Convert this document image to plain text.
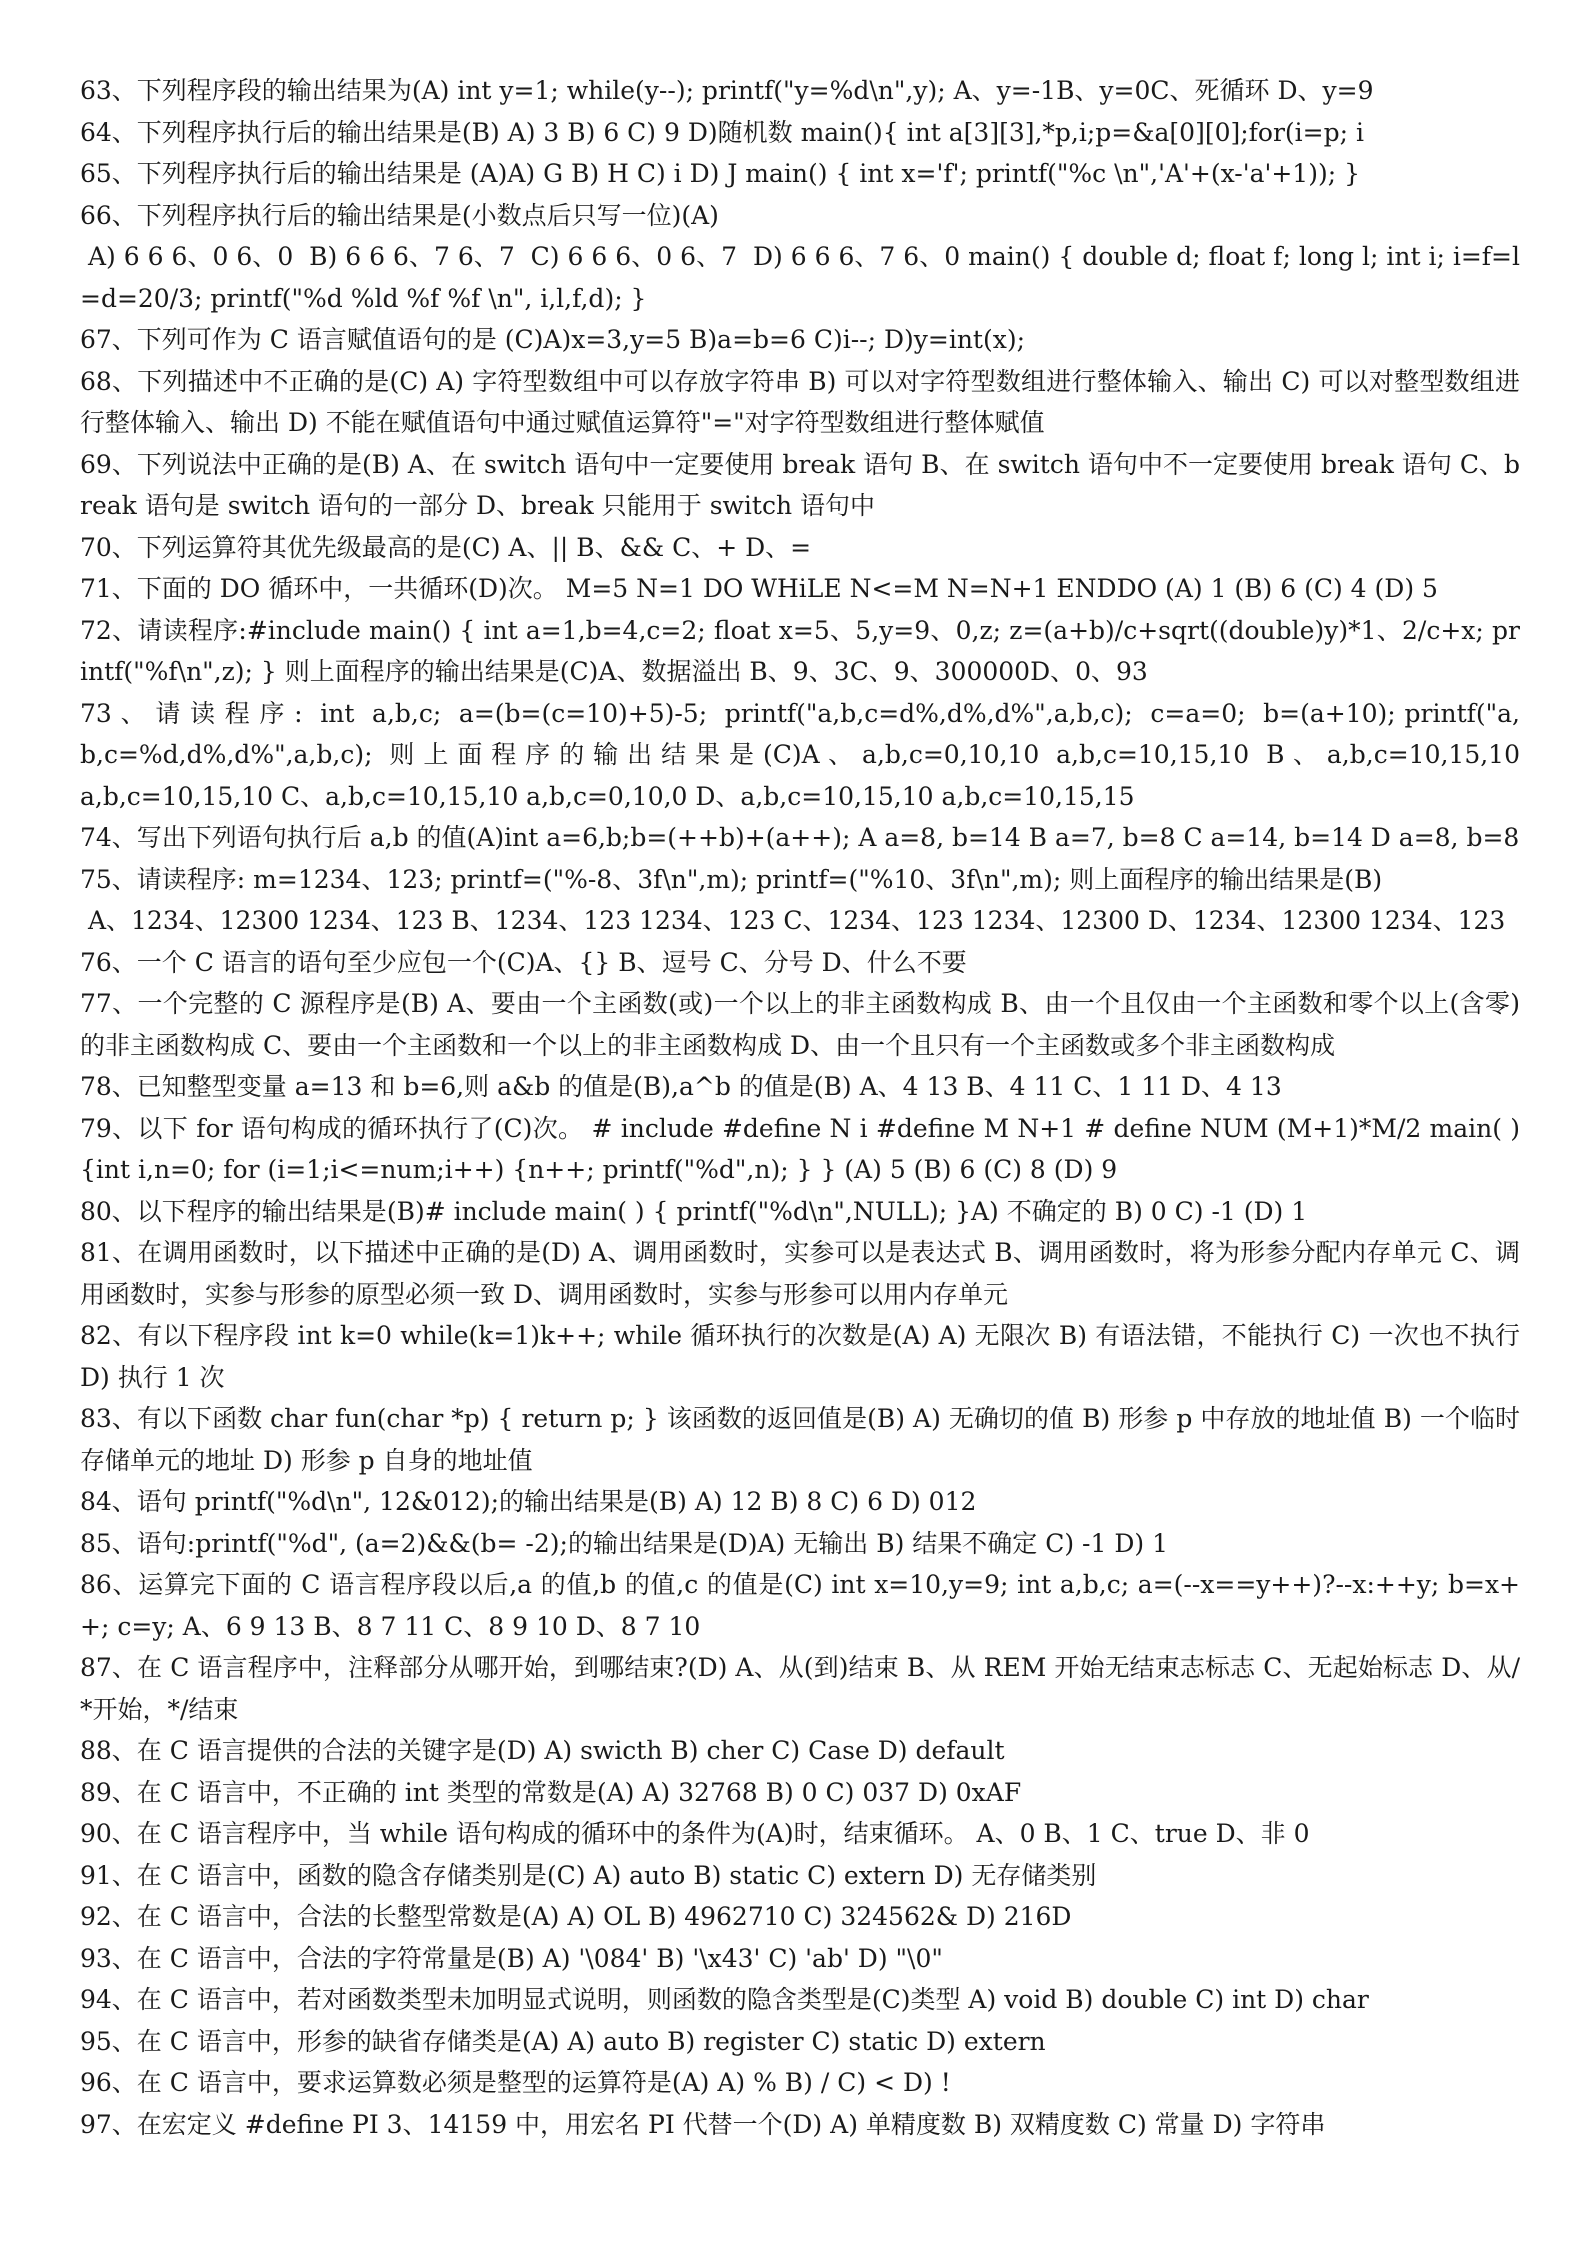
63、下列程序段的输出结果为(A) int y=1; while(y--); printf("y=%d\n",y); A、y=-1B、y=0C、死循环 D、y=9

64、下列程序执行后的输出结果是(B) A) 3 B) 6 C) 9 D)随机数 main(){ int a[3][3],*p,i;p=&a[0][0];for(i=p; i

65、下列程序执行后的输出结果是 (A)A) G B) H C) i D) J main() { int x='f'; printf("%c \n",'A'+(x-'a'+1)); }

66、下列程序执行后的输出结果是(小数点后只写一位)(A)

A) 6 6 6、0 6、0  B) 6 6 6、7 6、7  C) 6 6 6、0 6、7  D) 6 6 6、7 6、0 main() { double d; float f; long l; int i; i=f=l=d=20/3; printf("%d %ld %f %f \n", i,l,f,d); }

67、下列可作为 C 语言赋值语句的是 (C)A)x=3,y=5 B)a=b=6 C)i--; D)y=int(x);

68、下列描述中不正确的是(C) A) 字符型数组中可以存放字符串 B) 可以对字符型数组进行整体输入、输出 C) 可以对整型数组进行整体输入、输出 D) 不能在赋值语句中通过赋值运算符"="对字符型数组进行整体赋值

69、下列说法中正确的是(B) A、在 switch 语句中一定要使用 break 语句 B、在 switch 语句中不一定要使用 break 语句 C、break 语句是 switch 语句的一部分 D、break 只能用于 switch 语句中

70、下列运算符其优先级最高的是(C) A、|| B、&& C、+ D、=

71、下面的 DO 循环中，一共循环(D)次。 M=5 N=1 DO WHiLE N<=M N=N+1 ENDDO (A) 1 (B) 6 (C) 4 (D) 5

72、请读程序:#include main() { int a=1,b=4,c=2; float x=5、5,y=9、0,z; z=(a+b)/c+sqrt((double)y)*1、2/c+x; printf("%f\n",z); } 则上面程序的输出结果是(C)A、数据溢出 B、9、3C、9、300000D、0、93

73 、 请 读 程 序 :  int  a,b,c;  a=(b=(c=10)+5)-5;  printf("a,b,c=d%,d%,d%",a,b,c);  c=a=0;  b=(a+10); printf("a,b,c=%d,d%,d%",a,b,c);  则 上 面 程 序 的 输 出 结 果 是 (C)A 、 a,b,c=0,10,10  a,b,c=10,15,10  B 、 a,b,c=10,15,10 a,b,c=10,15,10 C、a,b,c=10,15,10 a,b,c=0,10,0 D、a,b,c=10,15,10 a,b,c=10,15,15

74、写出下列语句执行后 a,b 的值(A)int a=6,b;b=(++b)+(a++); A a=8, b=14 B a=7, b=8 C a=14, b=14 D a=8, b=8

75、请读程序: m=1234、123; printf=("%-8、3f\n",m); printf=("%10、3f\n",m); 则上面程序的输出结果是(B)

A、1234、12300 1234、123 B、1234、123 1234、123 C、1234、123 1234、12300 D、1234、12300 1234、123

76、一个 C 语言的语句至少应包一个(C)A、{} B、逗号 C、分号 D、什么不要

77、一个完整的 C 源程序是(B) A、要由一个主函数(或)一个以上的非主函数构成 B、由一个且仅由一个主函数和零个以上(含零)的非主函数构成 C、要由一个主函数和一个以上的非主函数构成 D、由一个且只有一个主函数或多个非主函数构成

78、已知整型变量 a=13 和 b=6,则 a&b 的值是(B),a^b 的值是(B) A、4 13 B、4 11 C、1 11 D、4 13

79、以下 for 语句构成的循环执行了(C)次。 # include #define N i #define M N+1 # define NUM (M+1)*M/2 main( ) {int i,n=0; for (i=1;i<=num;i++) {n++; printf("%d",n); } } (A) 5 (B) 6 (C) 8 (D) 9

80、以下程序的输出结果是(B)# include main( ) { printf("%d\n",NULL); }A) 不确定的 B) 0 C) -1 (D) 1

81、在调用函数时，以下描述中正确的是(D) A、调用函数时，实参可以是表达式 B、调用函数时，将为形参分配内存单元 C、调用函数时，实参与形参的原型必须一致 D、调用函数时，实参与形参可以用内存单元

82、有以下程序段 int k=0 while(k=1)k++; while 循环执行的次数是(A) A) 无限次 B) 有语法错，不能执行 C) 一次也不执行 D) 执行 1 次

83、有以下函数 char fun(char *p) { return p; } 该函数的返回值是(B) A) 无确切的值 B) 形参 p 中存放的地址值 B) 一个临时存储单元的地址 D) 形参 p 自身的地址值

84、语句 printf("%d\n", 12&012);的输出结果是(B) A) 12 B) 8 C) 6 D) 012

85、语句:printf("%d", (a=2)&&(b= -2);的输出结果是(D)A) 无输出 B) 结果不确定 C) -1 D) 1

86、运算完下面的 C 语言程序段以后,a 的值,b 的值,c 的值是(C) int x=10,y=9; int a,b,c; a=(--x==y++)?--x:++y; b=x++; c=y; A、6 9 13 B、8 7 11 C、8 9 10 D、8 7 10

87、在 C 语言程序中，注释部分从哪开始，到哪结束?(D) A、从(到)结束 B、从 REM 开始无结束志标志 C、无起始标志 D、从/*开始，*/结束

88、在 C 语言提供的合法的关键字是(D) A) swicth B) cher C) Case D) default

89、在 C 语言中，不正确的 int 类型的常数是(A) A) 32768 B) 0 C) 037 D) 0xAF

90、在 C 语言程序中，当 while 语句构成的循环中的条件为(A)时，结束循环。 A、0 B、1 C、true D、非 0

91、在 C 语言中，函数的隐含存储类别是(C) A) auto B) static C) extern D) 无存储类别

92、在 C 语言中，合法的长整型常数是(A) A) OL B) 4962710 C) 324562& D) 216D

93、在 C 语言中，合法的字符常量是(B) A) '\084' B) '\x43' C) 'ab' D) "\0"

94、在 C 语言中，若对函数类型未加明显式说明，则函数的隐含类型是(C)类型 A) void B) double C) int D) char

95、在 C 语言中，形参的缺省存储类是(A) A) auto B) register C) static D) extern

96、在 C 语言中，要求运算数必须是整型的运算符是(A) A) % B) / C) < D) !

97、在宏定义 #define PI 3、14159 中，用宏名 PI 代替一个(D) A) 单精度数 B) 双精度数 C) 常量 D) 字符串
